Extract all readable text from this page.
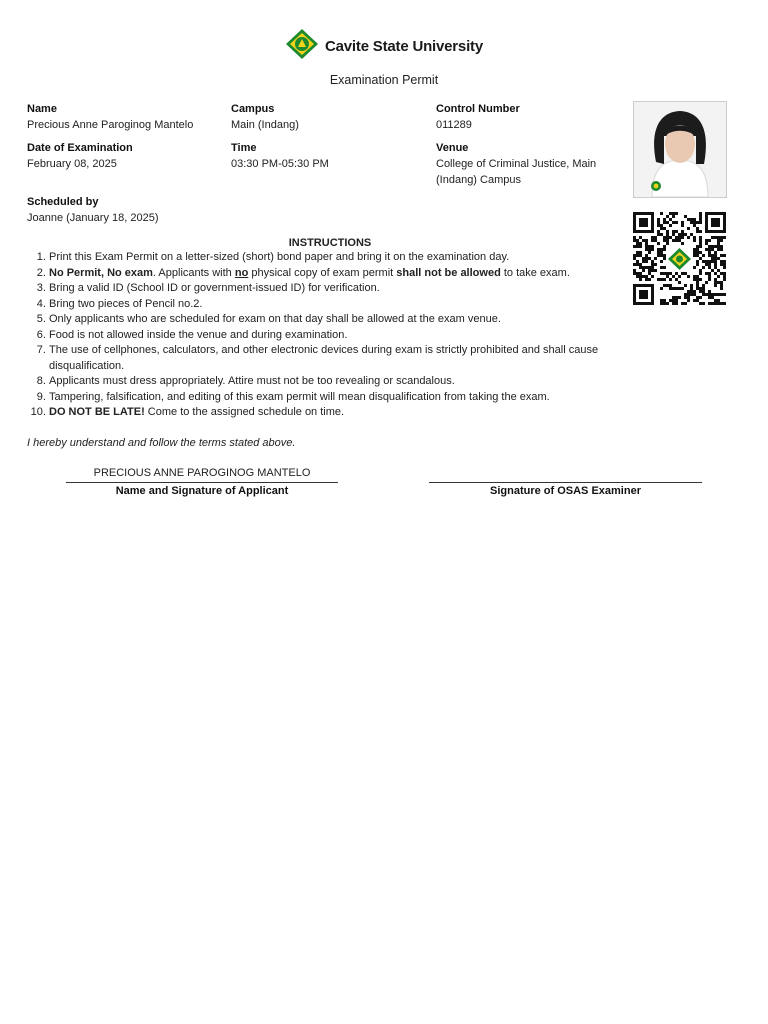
Cavite State University
Examination Permit
Name
Precious Anne Paroginog Mantelo
Campus
Main (Indang)
Control Number
011289
Date of Examination
February 08, 2025
Time
03:30 PM-05:30 PM
Venue
College of Criminal Justice, Main
(Indang) Campus
Scheduled by
Joanne (January 18, 2025)
INSTRUCTIONS
1. Print this Exam Permit on a letter-sized (short) bond paper and bring it on the examination day.
2. No Permit, No exam. Applicants with no physical copy of exam permit shall not be allowed to take exam.
3. Bring a valid ID (School ID or government-issued ID) for verification.
4. Bring two pieces of Pencil no.2.
5. Only applicants who are scheduled for exam on that day shall be allowed at the exam venue.
6. Food is not allowed inside the venue and during examination.
7. The use of cellphones, calculators, and other electronic devices during exam is strictly prohibited and shall cause disqualification.
8. Applicants must dress appropriately. Attire must not be too revealing or scandalous.
9. Tampering, falsification, and editing of this exam permit will mean disqualification from taking the exam.
10. DO NOT BE LATE! Come to the assigned schedule on time.
I hereby understand and follow the terms stated above.
PRECIOUS ANNE PAROGINOG MANTELO
Name and Signature of Applicant	Signature of OSAS Examiner
